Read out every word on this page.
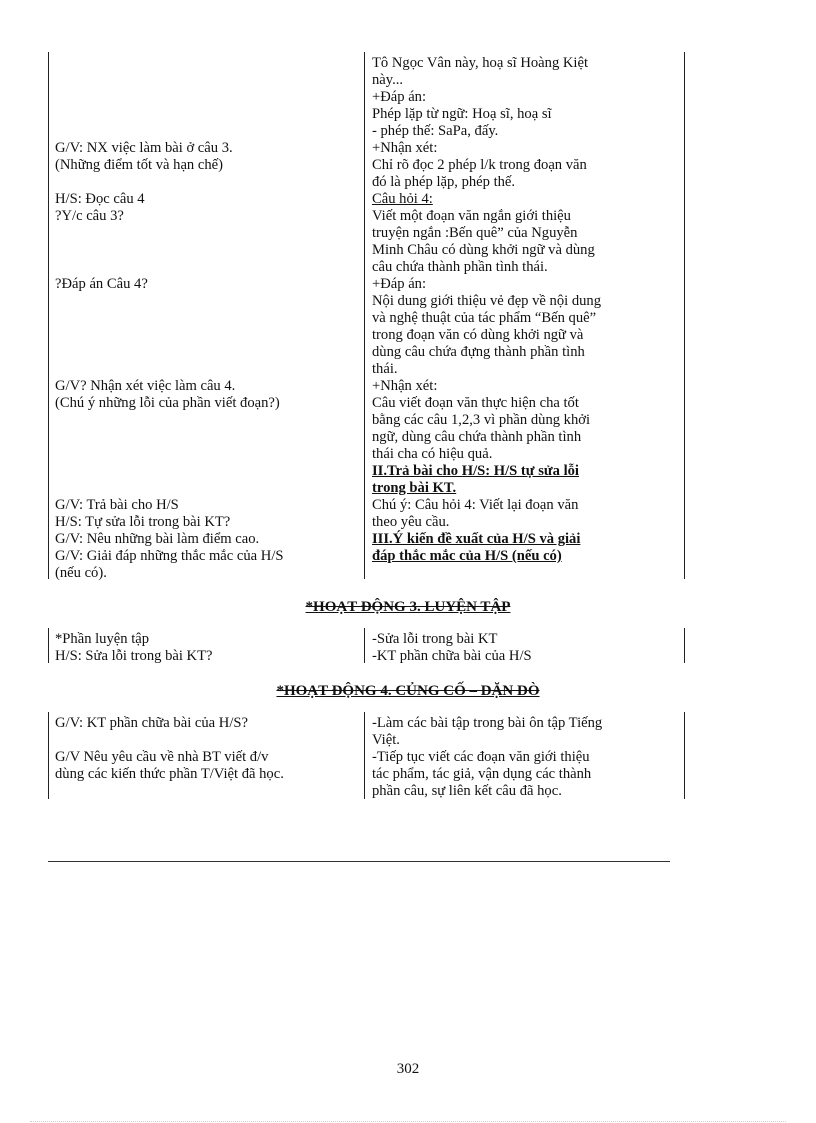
G/V: NX việc làm bài ở câu 3.
(Những điểm tốt và hạn chế)
H/S: Đọc câu 4
?Y/c câu 3?
?Đáp án Câu 4?
G/V? Nhận xét việc làm câu 4.
(Chú ý những lỗi của phần viết đoạn?)
G/V: Trả bài cho H/S
H/S: Tự sửa lỗi trong bài KT?
G/V: Nêu những bài làm điểm cao.
G/V: Giải đáp những thắc mắc của H/S
(nếu có).
Tô Ngọc Vân này, hoạ sĩ Hoàng Kiệt
này...
+Đáp án:
Phép lặp từ ngữ: Hoạ sĩ, hoạ sĩ
- phép thế: SaPa, đấy.
+Nhận xét:
Chỉ rõ đọc 2 phép l/k trong đoạn văn
đó là phép lặp, phép thế.
Câu hỏi 4:
Viết một đoạn văn ngắn giới thiệu
truyện ngắn :Bến quê” của Nguyễn
Minh Châu có dùng khởi ngữ và dùng
câu chứa thành phần tình thái.
+Đáp án:
Nội dung giới thiệu vẻ đẹp về nội dung
và nghệ thuật của tác phẩm “Bến quê”
trong đoạn văn có dùng khởi ngữ và
dùng câu chứa đựng thành phần tình
thái.
+Nhận xét:
Câu viết đoạn văn thực hiện cha tốt
bằng các câu 1,2,3 vì phần dùng khởi
ngữ, dùng câu chứa thành phần tình
thái cha có hiệu quả.
II.Trả bài cho H/S: H/S tự sửa lỗi
trong bài KT.
Chú ý: Câu hỏi 4: Viết lại đoạn văn
theo yêu cầu.
III.Ý kiến đề xuất của H/S và giải
đáp thắc mắc của H/S (nếu có)
*HOẠT ĐỘNG 3. LUYỆN TẬP
*Phần luyện tập
H/S: Sửa lỗi trong bài KT?
-Sửa lỗi trong bài KT
-KT phần chữa bài của H/S
*HOẠT ĐỘNG 4. CỦNG CỐ – DẶN DÒ
G/V: KT phần chữa bài của H/S?
G/V Nêu yêu cầu về nhà BT viết đ/v
dùng các kiến thức phần T/Việt đã học.
-Làm các bài tập trong bài ôn tập Tiếng
Việt.
-Tiếp tục viết các đoạn văn giới thiệu
tác phẩm, tác giả, vận dụng các thành
phần câu, sự liên kết câu đã học.
302
